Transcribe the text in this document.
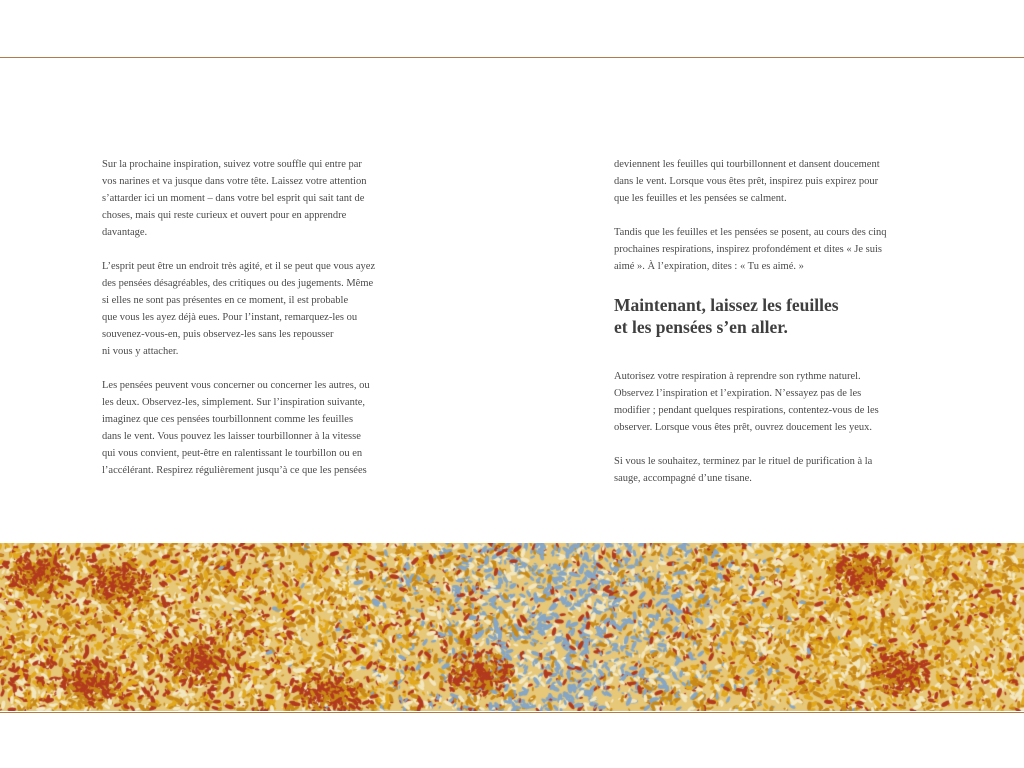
Sur la prochaine inspiration, suivez votre souffle qui entre par
vos narines et va jusque dans votre tête. Laissez votre attention
s’attarder ici un moment – dans votre bel esprit qui sait tant de
choses, mais qui reste curieux et ouvert pour en apprendre
davantage.

L’esprit peut être un endroit très agité, et il se peut que vous ayez
des pensées désagréables, des critiques ou des jugements. Même
si elles ne sont pas présentes en ce moment, il est probable
que vous les ayez déjà eues. Pour l’instant, remarquez-les ou
souvenez-vous-en, puis observez-les sans les repousser
ni vous y attacher.

Les pensées peuvent vous concerner ou concerner les autres, ou
les deux. Observez-les, simplement. Sur l’inspiration suivante,
imaginez que ces pensées tourbillonnent comme les feuilles
dans le vent. Vous pouvez les laisser tourbillonner à la vitesse
qui vous convient, peut-être en ralentissant le tourbillon ou en
l’accélérant. Respirez régulièrement jusqu’à ce que les pensées

deviennent les feuilles qui tourbillonnent et dansent doucement
dans le vent. Lorsque vous êtes prêt, inspirez puis expirez pour
que les feuilles et les pensées se calment.

Tandis que les feuilles et les pensées se posent, au cours des cinq
prochaines respirations, inspirez profondément et dites « Je suis
aimé ». À l’expiration, dites : « Tu es aimé. »

Maintenant, laissez les feuilles
et les pensées s’en aller.

Autorisez votre respiration à reprendre son rythme naturel.
Observez l’inspiration et l’expiration. N’essayez pas de les
modifier ; pendant quelques respirations, contentez-vous de les
observer. Lorsque vous êtes prêt, ouvrez doucement les yeux.

Si vous le souhaitez, terminez par le rituel de purification à la
sauge, accompagné d’une tisane.
